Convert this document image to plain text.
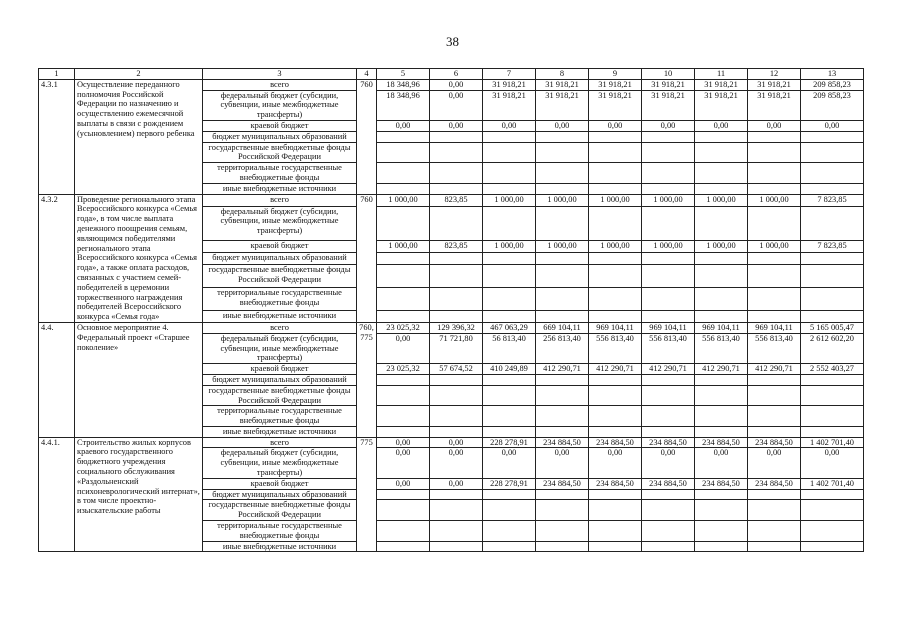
38
1	2	3	4	5	6	7	8	9	10	11	12	13
4.3.1	Осуществление переданного полномочия Российской Федерации по назначению и осуществлению ежемесячной выплаты в связи с рождением (усыновлением) первого ребенка	всего	760	18 348,96	0,00	31 918,21	31 918,21	31 918,21	31 918,21	31 918,21	31 918,21	209 858,23
		федеральный бюджет (субсидии, субвенции, иные межбюджетные трансферты)		18 348,96	0,00	31 918,21	31 918,21	31 918,21	31 918,21	31 918,21	31 918,21	209 858,23
		краевой бюджет		0,00	0,00	0,00	0,00	0,00	0,00	0,00	0,00	0,00
		бюджет муниципальных образований										
		государственные внебюджетные фонды Российской Федерации										
		территориальные государственные внебюджетные фонды										
		иные внебюджетные источники										
4.3.2	Проведение регионального этапа Всероссийского конкурса «Семья года», в том числе выплата денежного поощрения семьям, являющимся победителями регионального этапа Всероссийского конкурса «Семья года», а также оплата расходов, связанных с участием семей-победителей в церемонии торжественного награждения победителей Всероссийского конкурса «Семья года»	всего	760	1 000,00	823,85	1 000,00	1 000,00	1 000,00	1 000,00	1 000,00	1 000,00	7 823,85
		федеральный бюджет (субсидии, субвенции, иные межбюджетные трансферты)										
		краевой бюджет		1 000,00	823,85	1 000,00	1 000,00	1 000,00	1 000,00	1 000,00	1 000,00	7 823,85
		бюджет муниципальных образований										
		государственные внебюджетные фонды Российской Федерации										
		территориальные государственные внебюджетные фонды										
		иные внебюджетные источники										
4.4.	Основное мероприятие 4. Федеральный проект «Старшее поколение»	всего	760, 775	23 025,32	129 396,32	467 063,29	669 104,11	969 104,11	969 104,11	969 104,11	969 104,11	5 165 005,47
		федеральный бюджет (субсидии, субвенции, иные межбюджетные трансферты)		0,00	71 721,80	56 813,40	256 813,40	556 813,40	556 813,40	556 813,40	556 813,40	2 612 602,20
		краевой бюджет		23 025,32	57 674,52	410 249,89	412 290,71	412 290,71	412 290,71	412 290,71	412 290,71	2 552 403,27
		бюджет муниципальных образований										
		государственные внебюджетные фонды Российской Федерации										
		территориальные государственные внебюджетные фонды										
		иные внебюджетные источники										
4.4.1.	Строительство жилых корпусов краевого государственного бюджетного учреждения социального обслуживания «Раздольненский психоневрологический интернат», в том числе проектно-изыскательские работы	всего	775	0,00	0,00	228 278,91	234 884,50	234 884,50	234 884,50	234 884,50	234 884,50	1 402 701,40
		федеральный бюджет (субсидии, субвенции, иные межбюджетные трансферты)		0,00	0,00	0,00	0,00	0,00	0,00	0,00	0,00	0,00
		краевой бюджет		0,00	0,00	228 278,91	234 884,50	234 884,50	234 884,50	234 884,50	234 884,50	1 402 701,40
		бюджет муниципальных образований										
		государственные внебюджетные фонды Российской Федерации										
		территориальные государственные внебюджетные фонды										
		иные внебюджетные источники										
